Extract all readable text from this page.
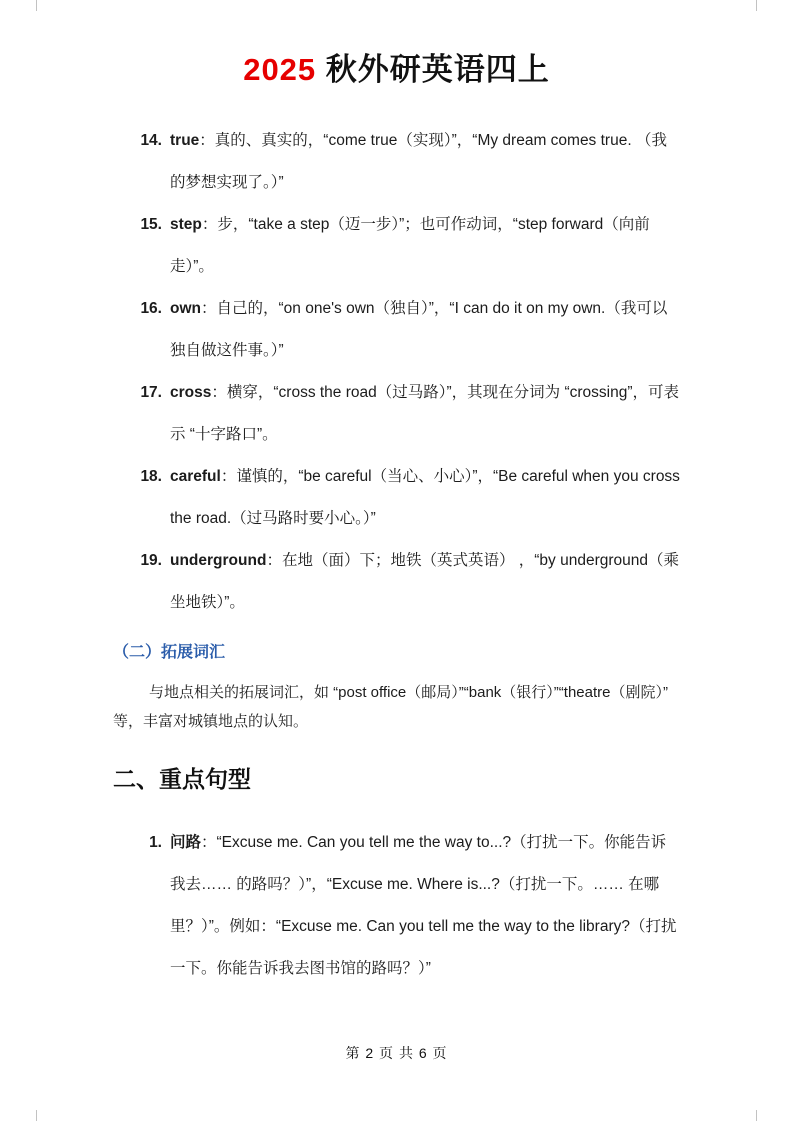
2025 秋外研英语四上
14. true：真的、真实的，“come true（实现）”，“My dream comes true. （我的梦想实现了。）”

15. step：步，“take a step（迈一步）”；也可作动词，“step forward（向前走）”。

16. own：自己的，“on one's own（独自）”，“I can do it on my own.（我可以独自做这件事。）”

17. cross：横穿，“cross the road（过马路）”，其现在分词为 “crossing”，可表示 “十字路口”。

18. careful：谨慎的，“be careful（当心、小心）”，“Be careful when you cross the road.（过马路时要小心。）”

19. underground：在地（面）下；地铁（英式英语） ，“by underground（乘坐地铁）”。

（二）拓展词汇

与地点相关的拓展词汇，如 “post office（邮局）”“bank（银行）”“theatre（剧院）” 等，丰富对城镇地点的认知。

二、重点句型
1. 问路：“Excuse me. Can you tell me the way to...?（打扰一下。你能告诉我去…… 的路吗？）”，“Excuse me. Where is...?（打扰一下。…… 在哪里？）”。例如：“Excuse me. Can you tell me the way to the library?（打扰一下。你能告诉我去图书馆的路吗？）”

第 2 页 共 6 页
